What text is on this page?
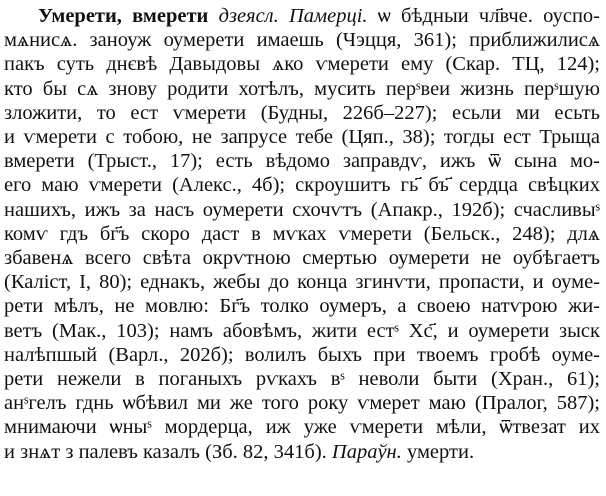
Умерети, вмерети дзеясл. Памерці. ѡ бѣдныи чл҃вче. оуспо-
мѧнисѧ. заноуж оумерети имаешь (Чэцця, 361); приближилисѧ
пакъ суть днєвѣ Давыдовы ѧко ѵмерети ему (Скар. ТЦ, 124);
кто бы сѧ знову родити хотѣлъ, мусить перˢвеи жизнь перˢшую
зложити, то ест ѵмерети (Будны, 226б–227); есьли ми есьть
и ѵмерети с тобою, не запрусе тебе (Цяп., 38); тогды ест Трыща
вмерети (Трыст., 17); есть вѣдомо заправдѵ, ижъ ѿ сына мо-
его маю ѵмерети (Алекс., 4б); скроушитъ гь҃ бъ҃ сердца свѣцких
нашихъ, ижъ за насъ оумерети схочѵтъ (Апакр., 192б); счасливыˢ
комѵ гдъ бг҃ъ скоро даст в мѵках ѵмерети (Бельск., 248); длѧ
збавенѧ всего свѣта окрѵтною смертью оумерети не оубѣгаетъ
(Каліст, І, 80); еднакъ, жебы до конца згинѵти, пропасти, и оуме-
рети мѣлъ, не мовлю: Бг҃ъ толко оумеръ, а своею натѵрою жи-
ветъ (Мак., 103); намъ абовѣмъ, жити естˢ Хс҃, и оумерети зыск
налѣпшый (Варл., 202б); волилъ быхъ при твоемъ гробѣ оуме-
рети нежели в поганыхъ рѵкахъ вˢ неволи быти (Хран., 61);
анˢгелъ гднь ѡбѣвил ми же того року ѵмерет маю (Пралог, 587);
мнимаючи ѡныˢ мордерца, иж уже ѵмерети мѣли, ѿтвезат их
и знѧт з палевъ казалъ (Зб. 82, 341б). Параўн. умерти.
